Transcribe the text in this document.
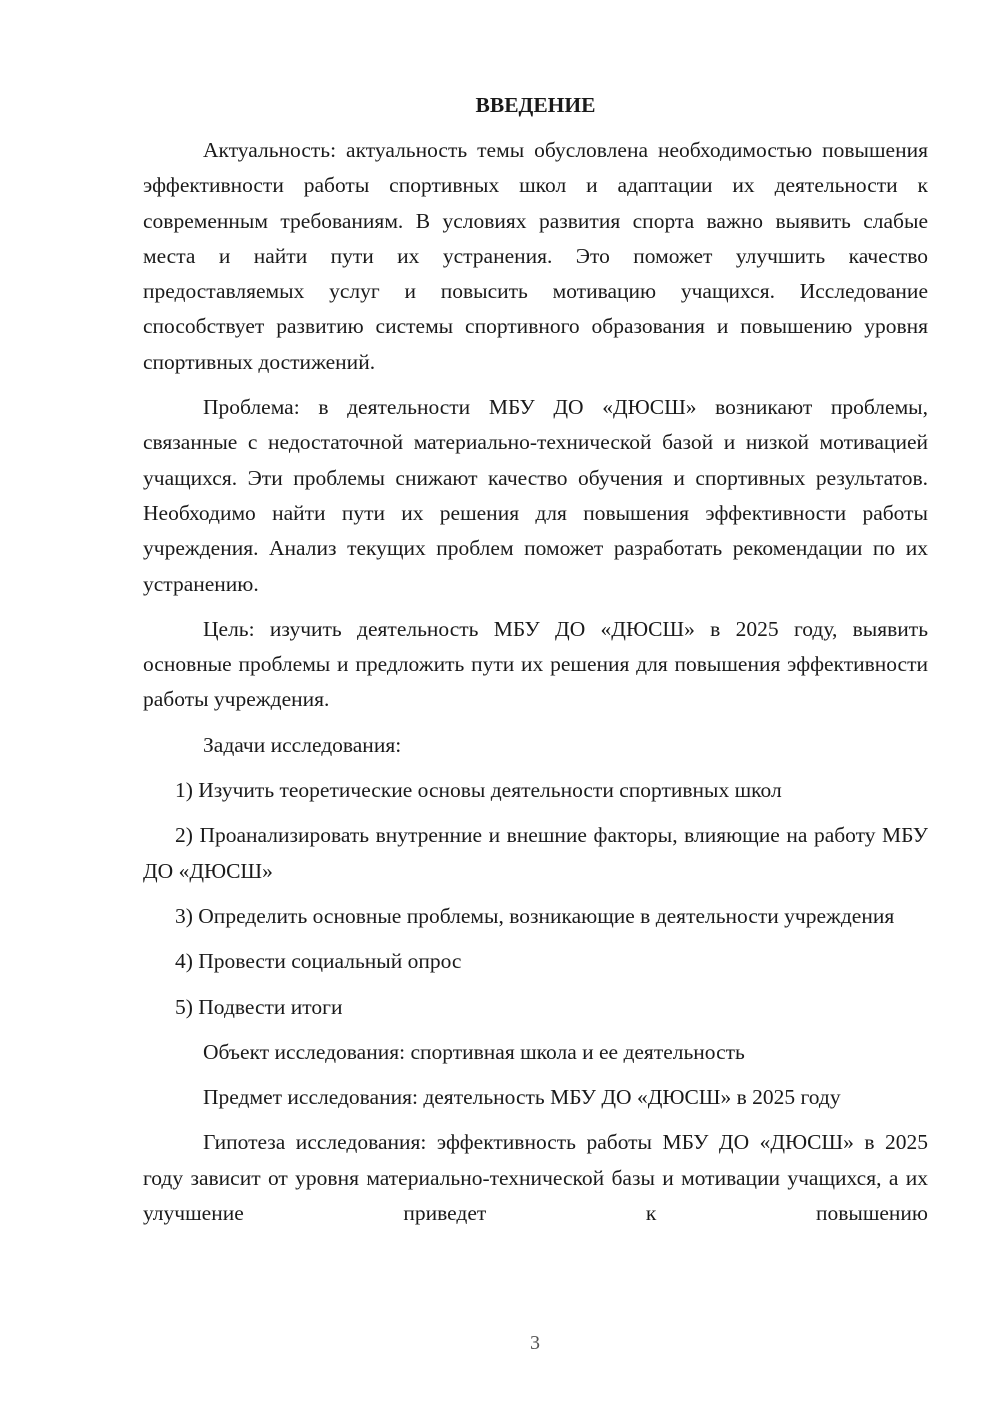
ВВЕДЕНИЕ

Актуальность: актуальность темы обусловлена необходимостью повышения эффективности работы спортивных школ и адаптации их деятельности к современным требованиям. В условиях развития спорта важно выявить слабые места и найти пути их устранения. Это поможет улучшить качество предоставляемых услуг и повысить мотивацию учащихся. Исследование способствует развитию системы спортивного образования и повышению уровня спортивных достижений.

Проблема: в деятельности МБУ ДО «ДЮСШ» возникают проблемы, связанные с недостаточной материально-технической базой и низкой мотивацией учащихся. Эти проблемы снижают качество обучения и спортивных результатов. Необходимо найти пути их решения для повышения эффективности работы учреждения. Анализ текущих проблем поможет разработать рекомендации по их устранению.

Цель: изучить деятельность МБУ ДО «ДЮСШ» в 2025 году, выявить основные проблемы и предложить пути их решения для повышения эффективности работы учреждения.

Задачи исследования:

1) Изучить теоретические основы деятельности спортивных школ

2) Проанализировать внутренние и внешние факторы, влияющие на работу МБУ ДО «ДЮСШ»

3) Определить основные проблемы, возникающие в деятельности учреждения

4) Провести социальный опрос

5) Подвести итоги

Объект исследования: спортивная школа и ее деятельность

Предмет исследования: деятельность МБУ ДО «ДЮСШ» в 2025 году

Гипотеза исследования: эффективность работы МБУ ДО «ДЮСШ» в 2025 году зависит от уровня материально-технической базы и мотивации учащихся, а их улучшение приведет к повышению

3
